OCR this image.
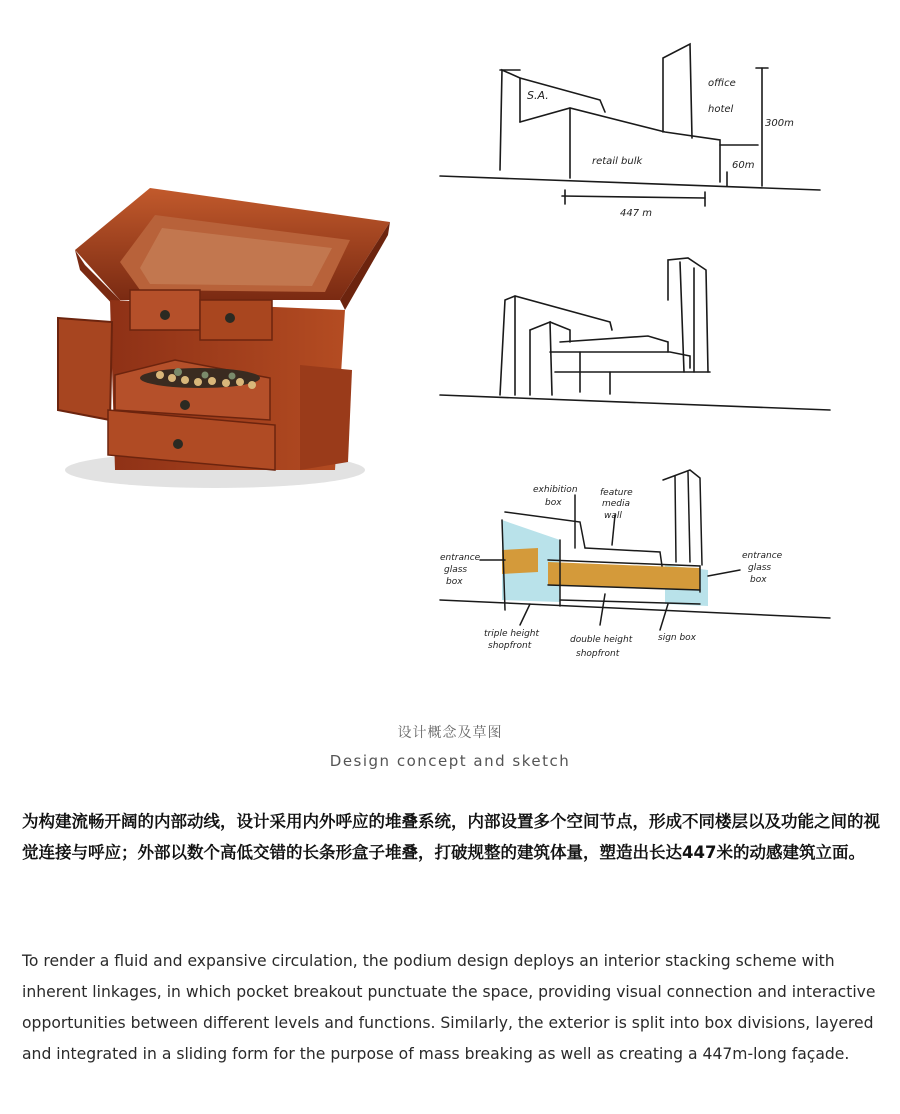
S.A.
office
hotel
300m
retail bulk	60m
447 m
exhibition
box
feature
media
wall
entrance
glass
box
entrance
glass
box
triple height
shopfront
double height
shopfront
sign box
设计概念及草图
Design concept and sketch

为构建流畅开阔的内部动线，设计采用内外呼应的堆叠系统，内部设置多个空间节点，形成不同楼层以及功能之间的视觉连接与呼应；外部以数个高低交错的长条形盒子堆叠，打破规整的建筑体量，塑造出长达447米的动感建筑立面。

To render a fluid and expansive circulation, the podium design deploys an interior stacking scheme with inherent linkages, in which pocket breakout punctuate the space, providing visual connection and interactive opportunities between different levels and functions. Similarly, the exterior is split into box divisions, layered and integrated in a sliding form for the purpose of mass breaking as well as creating a 447m-long façade.
